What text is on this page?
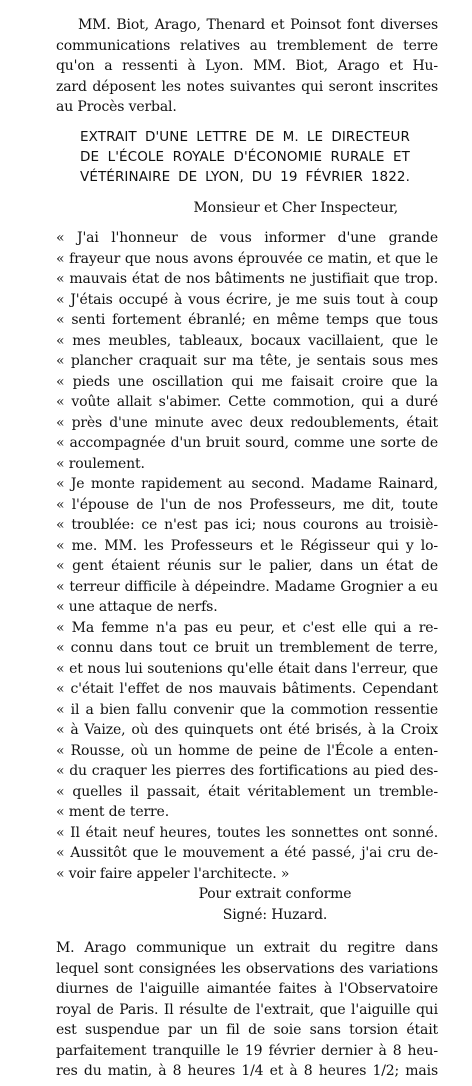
MM. Biot, Arago, Thenard et Poinsot font diverses
communications relatives au tremblement de terre
qu'on a ressenti à Lyon. MM. Biot, Arago et Hu-
zard déposent les notes suivantes qui seront inscrites
au Procès verbal.
EXTRAIT D'UNE LETTRE DE M. LE DIRECTEUR
DE L'ÉCOLE ROYALE D'ÉCONOMIE RURALE ET
VÉTÉRINAIRE DE LYON, DU 19 FÉVRIER 1822.
Monsieur et Cher Inspecteur,
« J'ai l'honneur de vous informer d'une grande
« frayeur que nous avons éprouvée ce matin, et que le
« mauvais état de nos bâtiments ne justifiait que trop.
« J'étais occupé à vous écrire, je me suis tout à coup
« senti fortement ébranlé; en même temps que tous
« mes meubles, tableaux, bocaux vacillaient, que le
« plancher craquait sur ma tête, je sentais sous mes
« pieds une oscillation qui me faisait croire que la
« voûte allait s'abimer. Cette commotion, qui a duré
« près d'une minute avec deux redoublements, était
« accompagnée d'un bruit sourd, comme une sorte de
« roulement.
« Je monte rapidement au second. Madame Rainard,
« l'épouse de l'un de nos Professeurs, me dit, toute
« troublée: ce n'est pas ici; nous courons au troisiè-
« me. MM. les Professeurs et le Régisseur qui y lo-
« gent étaient réunis sur le palier, dans un état de
« terreur difficile à dépeindre. Madame Grognier a eu
« une attaque de nerfs.
« Ma femme n'a pas eu peur, et c'est elle qui a re-
« connu dans tout ce bruit un tremblement de terre,
« et nous lui soutenions qu'elle était dans l'erreur, que
« c'était l'effet de nos mauvais bâtiments. Cependant
« il a bien fallu convenir que la commotion ressentie
« à Vaize, où des quinquets ont été brisés, à la Croix
« Rousse, où un homme de peine de l'École a enten-
« du craquer les pierres des fortifications au pied des-
« quelles il passait, était véritablement un tremble-
« ment de terre.
« Il était neuf heures, toutes les sonnettes ont sonné.
« Aussitôt que le mouvement a été passé, j'ai cru de-
« voir faire appeler l'architecte. »
Pour extrait conforme
Signé: Huzard.
M. Arago communique un extrait du regitre dans
lequel sont consignées les observations des variations
diurnes de l'aiguille aimantée faites à l'Observatoire
royal de Paris. Il résulte de l'extrait, que l'aiguille qui
est suspendue par un fil de soie sans torsion était
parfaitement tranquille le 19 février dernier à 8 heu-
res du matin, à 8 heures 1/4 et à 8 heures 1/2; mais
